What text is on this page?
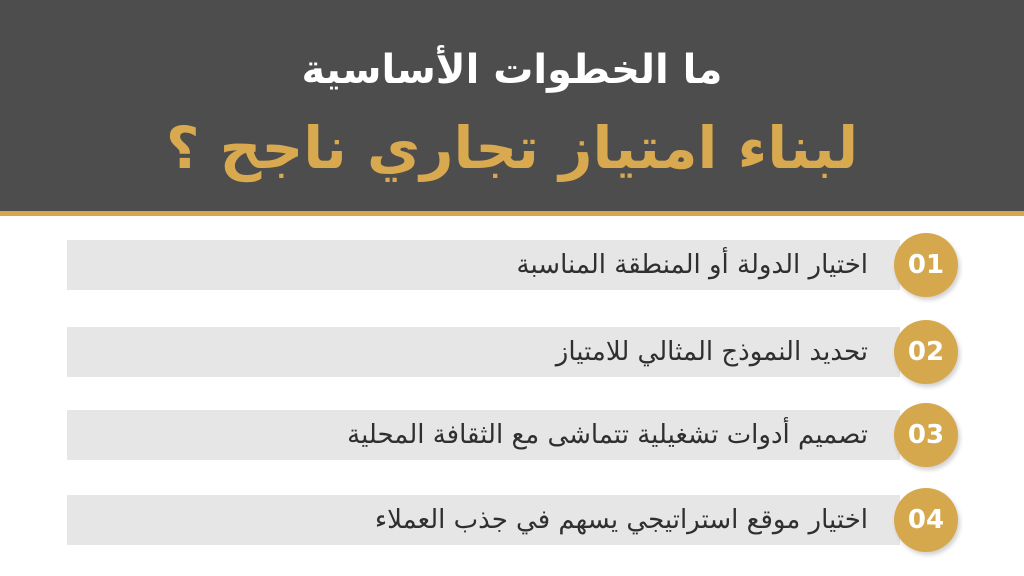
ما الخطوات الأساسية
لبناء امتياز تجاري ناجح ؟
اختيار الدولة أو المنطقة المناسبة	01
تحديد النموذج المثالي للامتياز	02
تصميم أدوات تشغيلية تتماشى مع الثقافة المحلية	03
اختيار موقع استراتيجي يسهم في جذب العملاء	04
